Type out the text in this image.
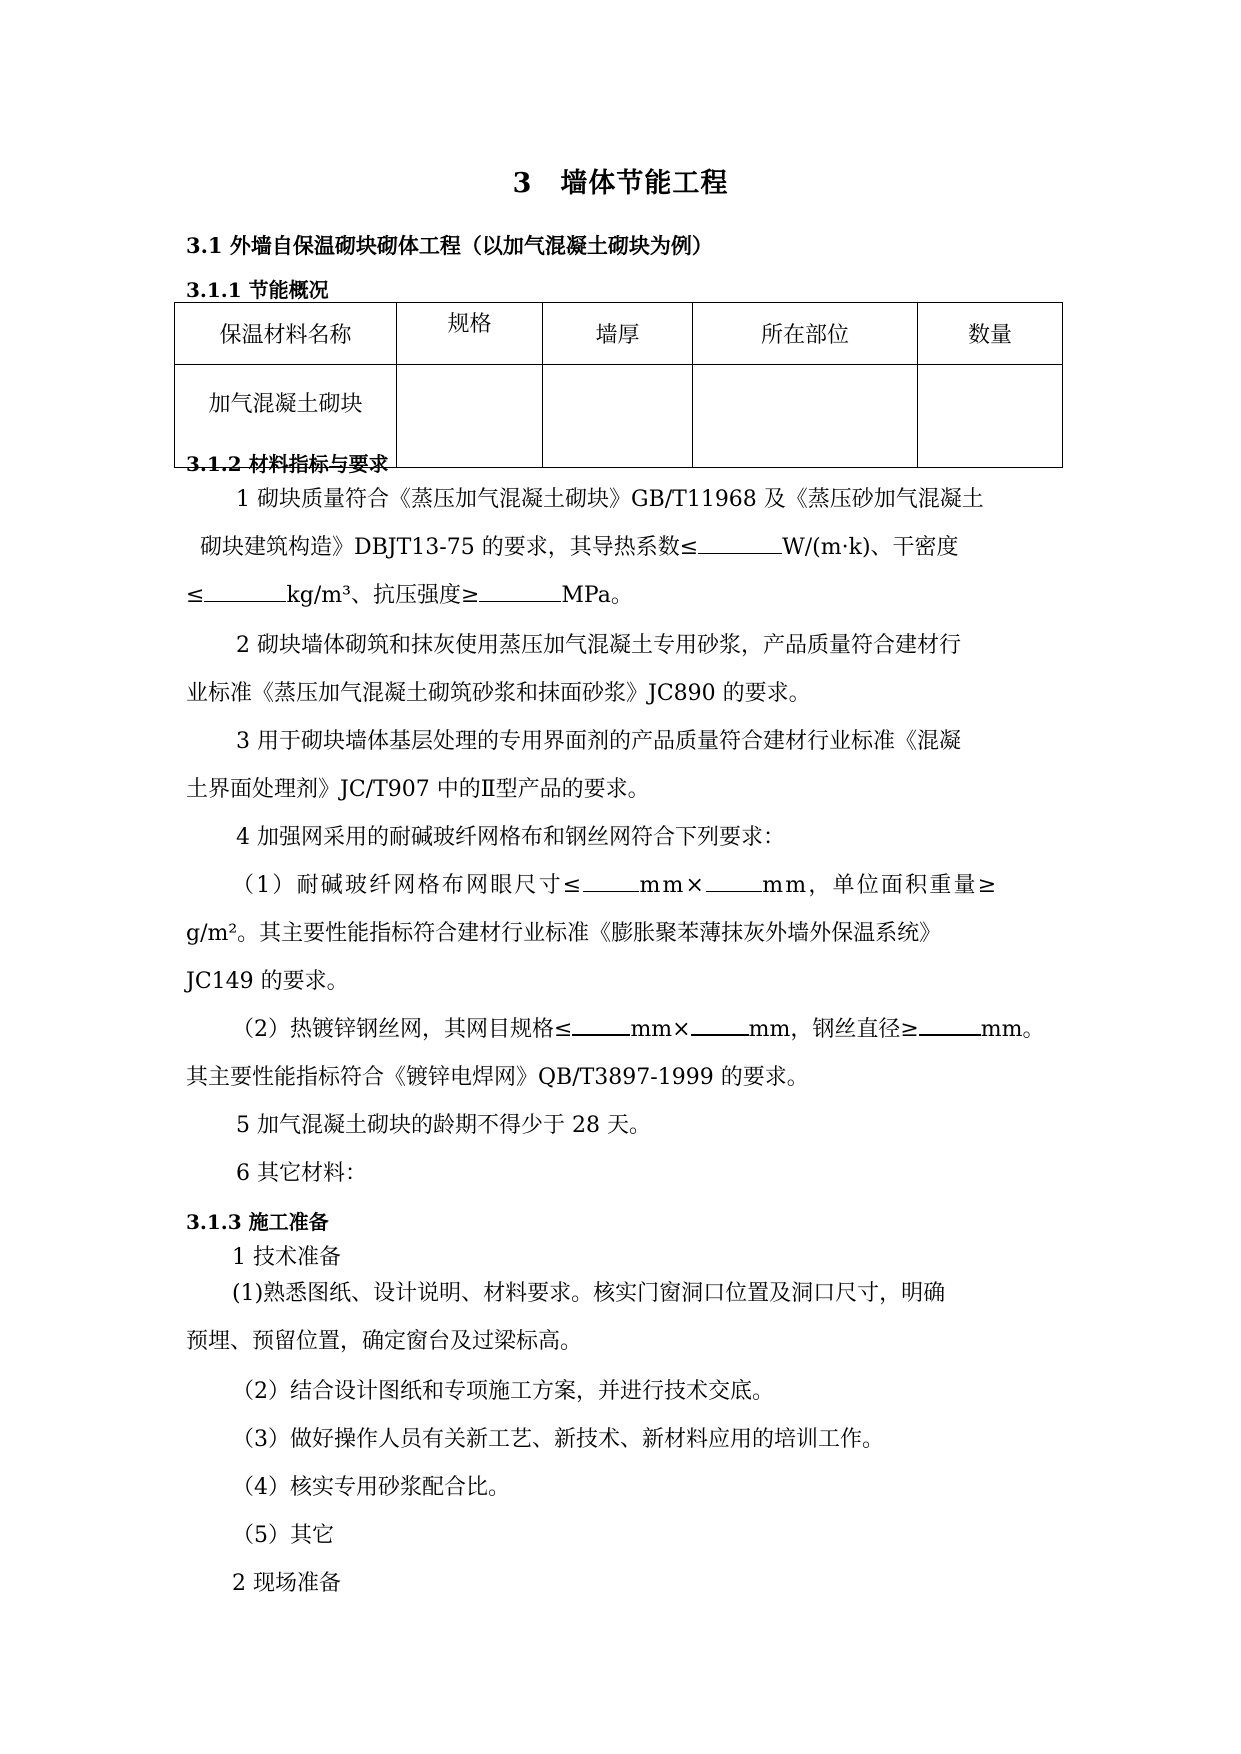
3　墙体节能工程
3.1 外墙自保温砌块砌体工程（以加气混凝土砌块为例）
3.1.1 节能概况
保温材料名称	规格	墙厚	所在部位	数量
加气混凝土砌块				
3.1.2 材料指标与要求
1 砌块质量符合《蒸压加气混凝土砌块》GB/T11968 及《蒸压砂加气混凝土
砌块建筑构造》DBJT13-75 的要求，其导热系数≤	W/(m·k)、干密度
≤	kg/m³、抗压强度≥	MPa。
2 砌块墙体砌筑和抹灰使用蒸压加气混凝土专用砂浆，产品质量符合建材行
业标准《蒸压加气混凝土砌筑砂浆和抹面砂浆》JC890 的要求。
3 用于砌块墙体基层处理的专用界面剂的产品质量符合建材行业标准《混凝
土界面处理剂》JC/T907 中的Ⅱ型产品的要求。
4 加强网采用的耐碱玻纤网格布和钢丝网符合下列要求：
（1）耐碱玻纤网格布网眼尺寸≤	mm×	mm，单位面积重量≥
g/m²。其主要性能指标符合建材行业标准《膨胀聚苯薄抹灰外墙外保温系统》
JC149 的要求。
（2）热镀锌钢丝网，其网目规格≤	mm×	mm，钢丝直径≥	mm。
其主要性能指标符合《镀锌电焊网》QB/T3897-1999 的要求。
5 加气混凝土砌块的龄期不得少于 28 天。
6 其它材料：
3.1.3 施工准备
1 技术准备
(1)熟悉图纸、设计说明、材料要求。核实门窗洞口位置及洞口尺寸，明确
预埋、预留位置，确定窗台及过梁标高。
（2）结合设计图纸和专项施工方案，并进行技术交底。
（3）做好操作人员有关新工艺、新技术、新材料应用的培训工作。
（4）核实专用砂浆配合比。
（5）其它
2 现场准备
